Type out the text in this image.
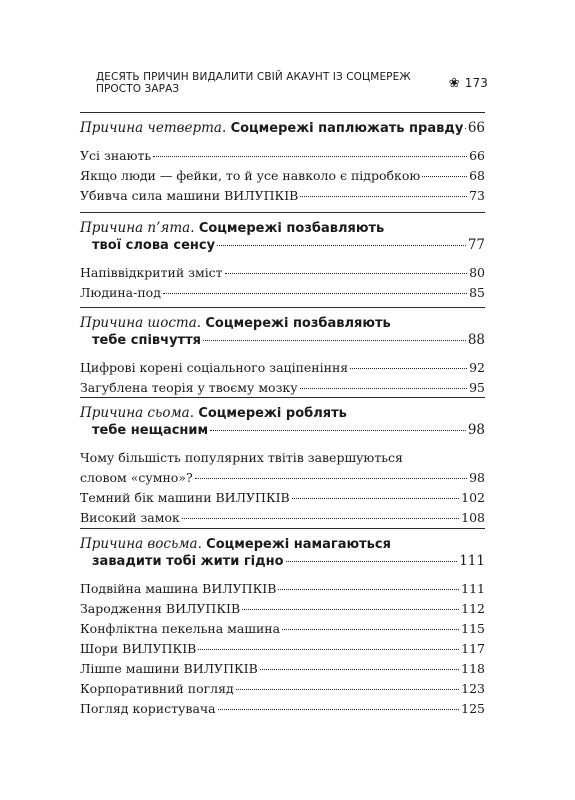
ДЕСЯТЬ ПРИЧИН ВИДАЛИТИ СВІЙ АКАУНТ ІЗ СОЦМЕРЕЖ ПРОСТО ЗАРАЗ	❀ 173
Причина четверта. Соцмережі паплюжать правду 66
Усі знають	66
Якщо люди — фейки, то й усе навколо є підробкою	68
Убивча сила машини ВИЛУПКІВ	73
Причина п’ята. Соцмережі позбавляють
твої слова сенсу	77
Напіввідкритий зміст	80
Людина-под	85
Причина шоста. Соцмережі позбавляють
тебе співчуття	88
Цифрові корені соціального заціпеніння	92
Загублена теорія у твоєму мозку	95
Причина сьома. Соцмережі роблять
тебе нещасним	98
Чому більшість популярних твітів завершуються
словом «сумно»?	98
Темний бік машини ВИЛУПКІВ	102
Високий замок	108
Причина восьма. Соцмережі намагаються
завадити тобі жити гідно	111
Подвійна машина ВИЛУПКІВ	111
Зародження ВИЛУПКІВ	112
Конфліктна пекельна машина	115
Шори ВИЛУПКІВ	117
Лішпе машини ВИЛУПКІВ	118
Корпоративний погляд	123
Погляд користувача	125
